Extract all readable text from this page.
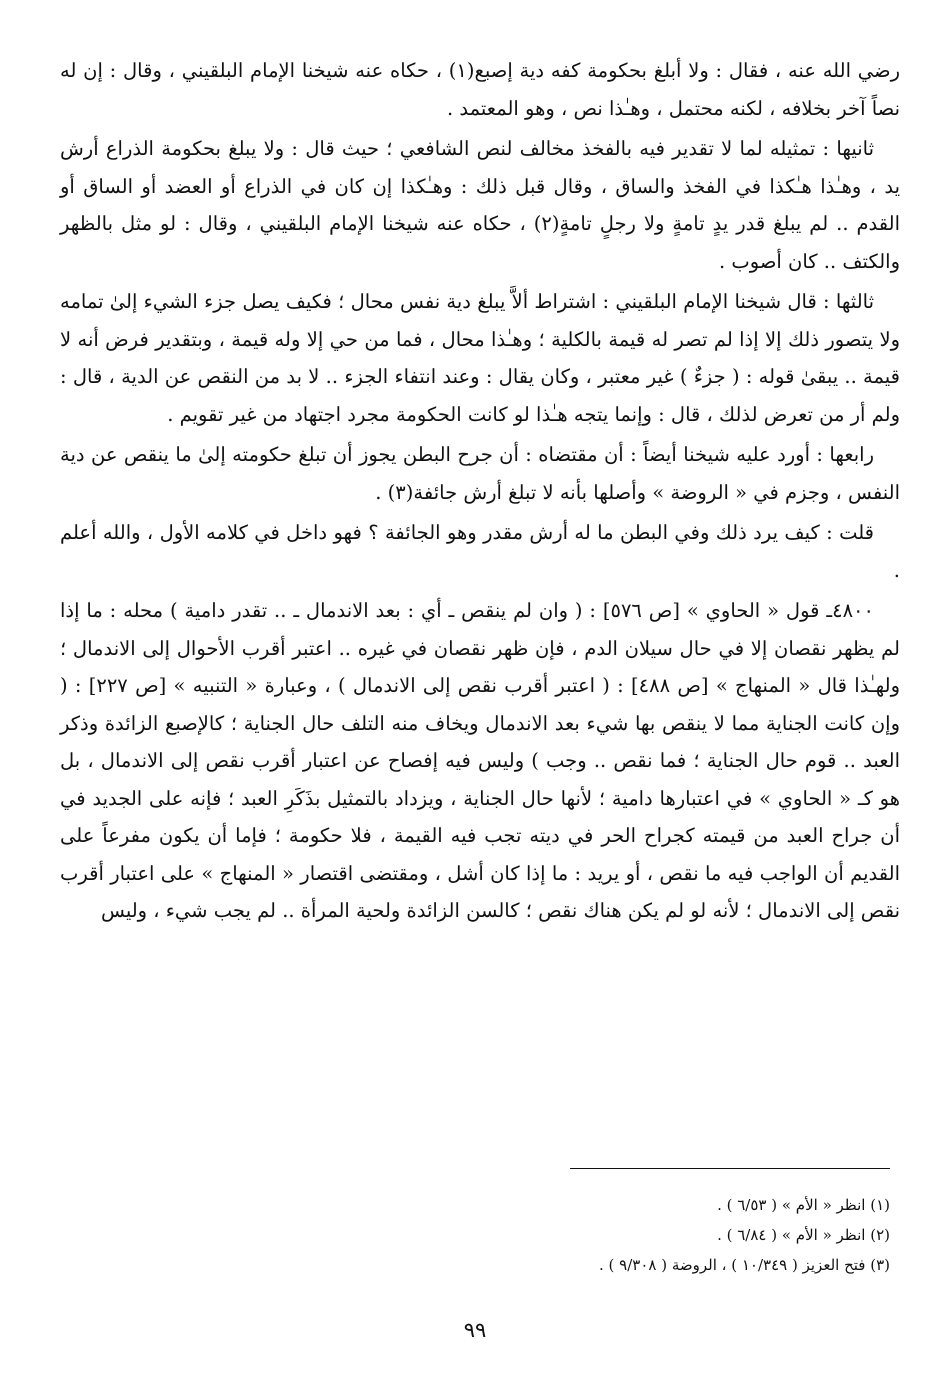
رضي الله عنه ، فقال : ولا أبلغ بحكومة كفه دية إصبع(١) ، حكاه عنه شيخنا الإمام البلقيني ، وقال : إن له نصاً آخر بخلافه ، لكنه محتمل ، وهـٰذا نص ، وهو المعتمد .

ثانيها : تمثيله لما لا تقدير فيه بالفخذ مخالف لنص الشافعي ؛ حيث قال : ولا يبلغ بحكومة الذراع أرش يد ، وهـٰذا هـٰكذا في الفخذ والساق ، وقال قبل ذلك : وهـٰكذا إن كان في الذراع أو العضد أو الساق أو القدم .. لم يبلغ قدر يدٍ تامةٍ ولا رجلٍ تامةٍ(٢) ، حكاه عنه شيخنا الإمام البلقيني ، وقال : لو مثل بالظهر والكتف .. كان أصوب .

ثالثها : قال شيخنا الإمام البلقيني : اشتراط ألاَّ يبلغ دية نفس محال ؛ فكيف يصل جزء الشيء إلىٰ تمامه ولا يتصور ذلك إلا إذا لم تصر له قيمة بالكلية ؛ وهـٰذا محال ، فما من حي إلا وله قيمة ، وبتقدير فرض أنه لا قيمة .. يبقىٰ قوله : ( جزءٌ ) غير معتبر ، وكان يقال : وعند انتفاء الجزء .. لا بد من النقص عن الدية ، قال : ولم أر من تعرض لذلك ، قال : وإنما يتجه هـٰذا لو كانت الحكومة مجرد اجتهاد من غير تقويم .

رابعها : أورد عليه شيخنا أيضاً : أن مقتضاه : أن جرح البطن يجوز أن تبلغ حكومته إلىٰ ما ينقص عن دية النفس ، وجزم في « الروضة » وأصلها بأنه لا تبلغ أرش جائفة(٣) .

قلت : كيف يرد ذلك وفي البطن ما له أرش مقدر وهو الجائفة ؟ فهو داخل في كلامه الأول ، والله أعلم .

٤٨٠٠ـ قول « الحاوي » [ص ٥٧٦] : ( وان لم ينقص ـ أي : بعد الاندمال ـ .. تقدر دامية ) محله : ما إذا لم يظهر نقصان إلا في حال سيلان الدم ، فإن ظهر نقصان في غيره .. اعتبر أقرب الأحوال إلى الاندمال ؛ ولهـٰذا قال « المنهاج » [ص ٤٨٨] : ( اعتبر أقرب نقص إلى الاندمال ) ، وعبارة « التنبيه » [ص ٢٢٧] : ( وإن كانت الجناية مما لا ينقص بها شيء بعد الاندمال ويخاف منه التلف حال الجناية ؛ كالإصبع الزائدة وذكر العبد .. قوم حال الجناية ؛ فما نقص .. وجب ) وليس فيه إفصاح عن اعتبار أقرب نقص إلى الاندمال ، بل هو كـ « الحاوي » في اعتبارها دامية ؛ لأنها حال الجناية ، ويزداد بالتمثيل بذَكَرِ العبد ؛ فإنه على الجديد في أن جراح العبد من قيمته كجراح الحر في ديته تجب فيه القيمة ، فلا حكومة ؛ فإما أن يكون مفرعاً على القديم أن الواجب فيه ما نقص ، أو يريد : ما إذا كان أشل ، ومقتضى اقتصار « المنهاج » على اعتبار أقرب نقص إلى الاندمال ؛ لأنه لو لم يكن هناك نقص ؛ كالسن الزائدة ولحية المرأة .. لم يجب شيء ، وليس

(١) انظر « الأم » ( ٦/٥٣ ) .

(٢) انظر « الأم » ( ٦/٨٤ ) .

(٣) فتح العزيز ( ١٠/٣٤٩ ) ، الروضة ( ٩/٣٠٨ ) .

٩٩
